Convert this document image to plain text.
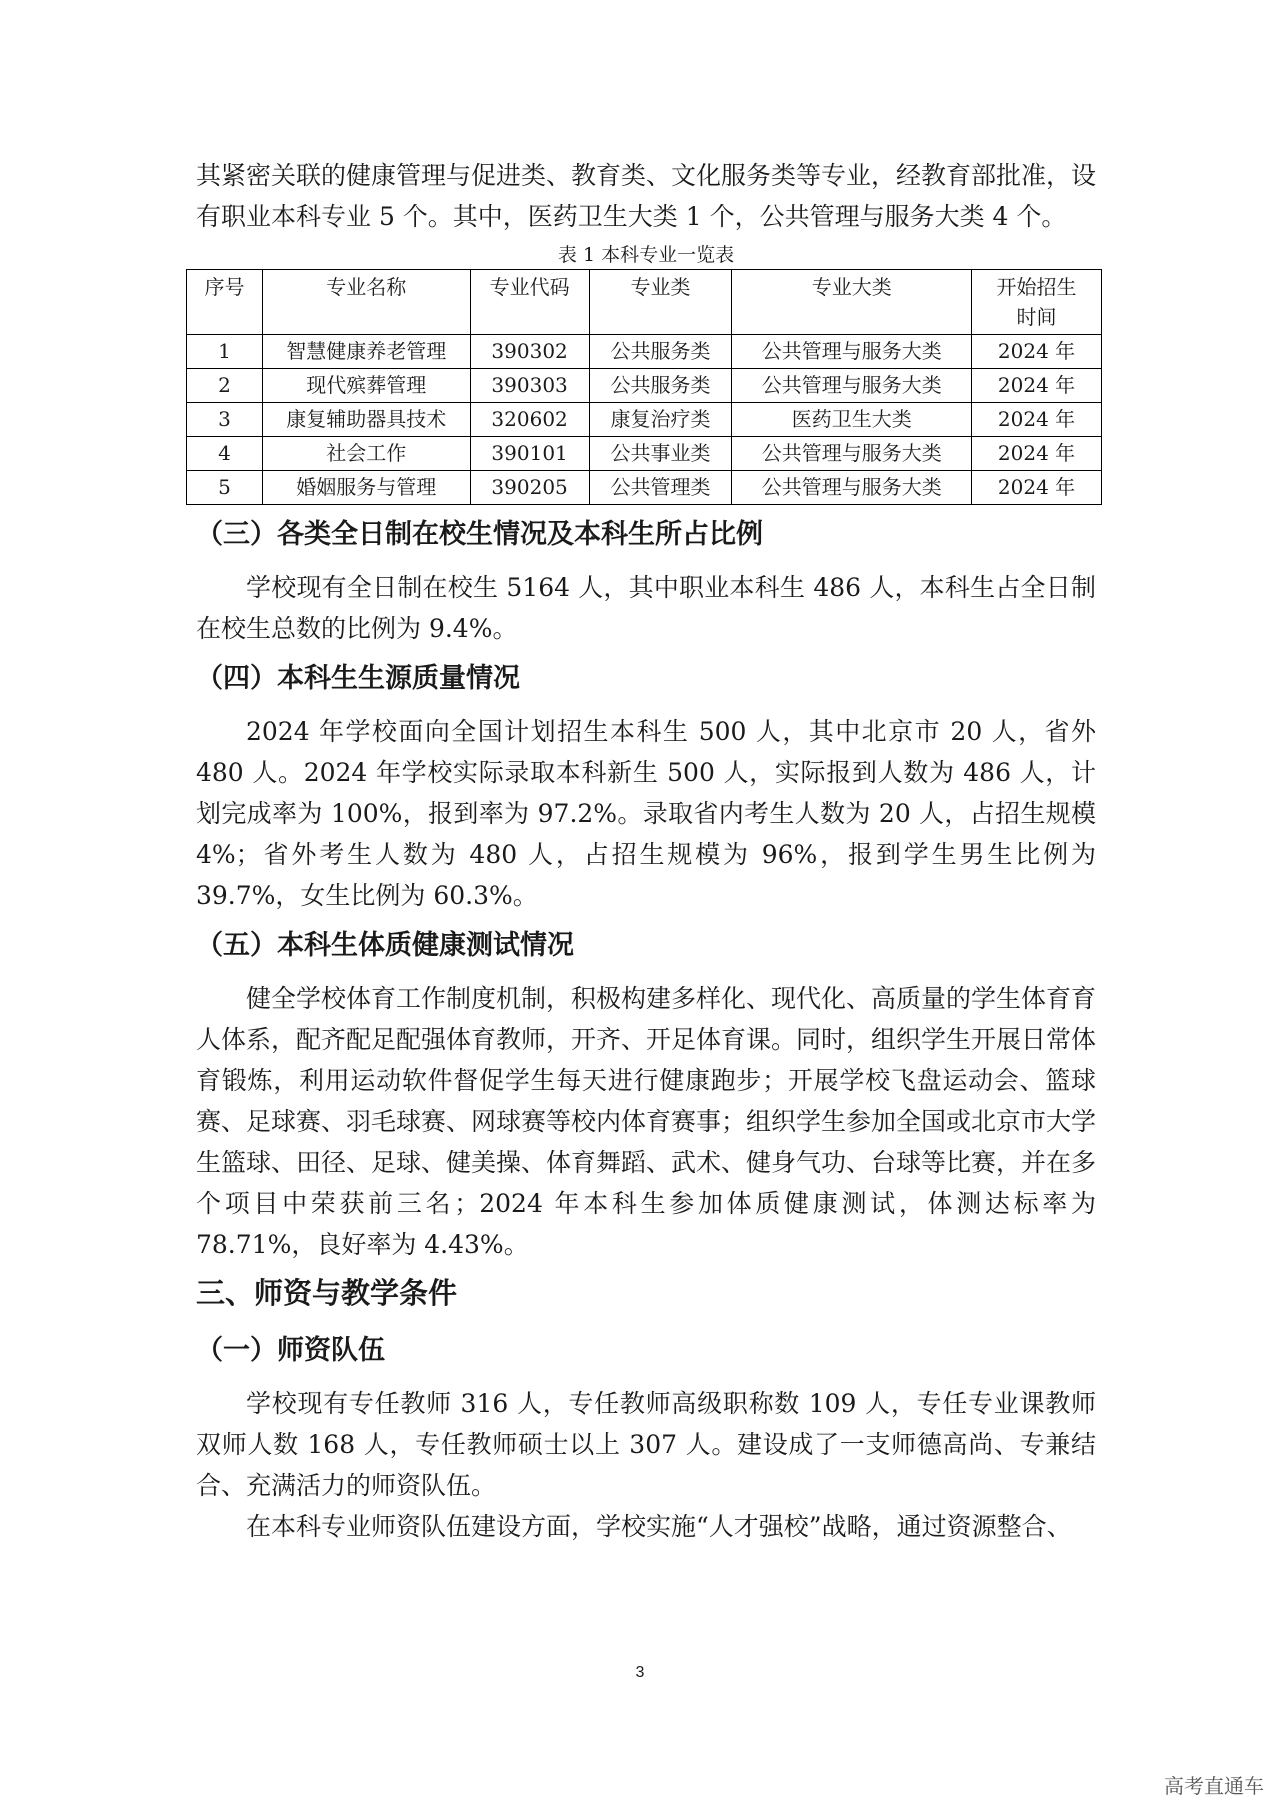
其紧密关联的健康管理与促进类、教育类、文化服务类等专业，经教育部批准，设有职业本科专业 5 个。其中，医药卫生大类 1 个，公共管理与服务大类 4 个。

表 1 本科专业一览表
序号	专业名称	专业代码	专业类	专业大类	开始招生时间
1	智慧健康养老管理	390302	公共服务类	公共管理与服务大类	2024 年
2	现代殡葬管理	390303	公共服务类	公共管理与服务大类	2024 年
3	康复辅助器具技术	320602	康复治疗类	医药卫生大类	2024 年
4	社会工作	390101	公共事业类	公共管理与服务大类	2024 年
5	婚姻服务与管理	390205	公共管理类	公共管理与服务大类	2024 年
（三）各类全日制在校生情况及本科生所占比例

学校现有全日制在校生 5164 人，其中职业本科生 486 人，本科生占全日制在校生总数的比例为 9.4%。

（四）本科生生源质量情况

2024 年学校面向全国计划招生本科生 500 人，其中北京市 20 人，省外 480 人。2024 年学校实际录取本科新生 500 人，实际报到人数为 486 人，计划完成率为 100%，报到率为 97.2%。录取省内考生人数为 20 人，占招生规模 4%；省外考生人数为 480 人，占招生规模为 96%，报到学生男生比例为 39.7%，女生比例为 60.3%。

（五）本科生体质健康测试情况

健全学校体育工作制度机制，积极构建多样化、现代化、高质量的学生体育育人体系，配齐配足配强体育教师，开齐、开足体育课。同时，组织学生开展日常体育锻炼，利用运动软件督促学生每天进行健康跑步；开展学校飞盘运动会、篮球赛、足球赛、羽毛球赛、网球赛等校内体育赛事；组织学生参加全国或北京市大学生篮球、田径、足球、健美操、体育舞蹈、武术、健身气功、台球等比赛，并在多个项目中荣获前三名；2024 年本科生参加体质健康测试，体测达标率为 78.71%，良好率为 4.43%。

三、师资与教学条件
（一）师资队伍

学校现有专任教师 316 人，专任教师高级职称数 109 人，专任专业课教师双师人数 168 人，专任教师硕士以上 307 人。建设成了一支师德高尚、专兼结合、充满活力的师资队伍。

在本科专业师资队伍建设方面，学校实施“人才强校”战略，通过资源整合、

3
高考直通车
